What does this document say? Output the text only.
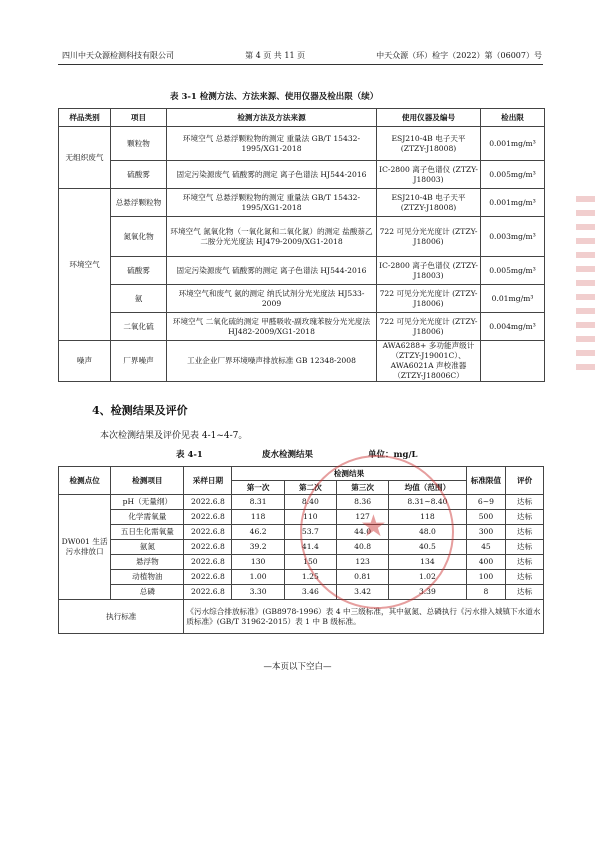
四川中天众源检测科技有限公司	第 4 页 共 11 页	中天众源（环）检字（2022）第（06007）号
表 3-1 检测方法、方法来源、使用仪器及检出限（续）
样品类别	项目	检测方法及方法来源	使用仪器及编号	检出限
无组织废气	颗粒物	环境空气 总悬浮颗粒物的测定 重量法 GB/T 15432-1995/XG1-2018	ESJ210-4B 电子天平 (ZTZY-J18008)	0.001mg/m³
	硫酸雾	固定污染源废气 硫酸雾的测定 离子色谱法 HJ544-2016	IC-2800 离子色谱仪 (ZTZY-J18003)	0.005mg/m³
环境空气	总悬浮颗粒物	环境空气 总悬浮颗粒物的测定 重量法 GB/T 15432-1995/XG1-2018	ESJ210-4B 电子天平 (ZTZY-J18008)	0.001mg/m³
	氮氧化物	环境空气 氮氧化物（一氧化氮和二氧化氮）的测定 盐酸萘乙二胺分光光度法 HJ479-2009/XG1-2018	722 可见分光光度计 (ZTZY-J18006)	0.003mg/m³
	硫酸雾	固定污染源废气 硫酸雾的测定 离子色谱法 HJ544-2016	IC-2800 离子色谱仪 (ZTZY-J18003)	0.005mg/m³
	氨	环境空气和废气 氨的测定 纳氏试剂分光光度法 HJ533-2009	722 可见分光光度计 (ZTZY-J18006)	0.01mg/m³
	二氧化硫	环境空气 二氧化硫的测定 甲醛吸收-副玫瑰苯胺分光光度法 HJ482-2009/XG1-2018	722 可见分光光度计 (ZTZY-J18006)	0.004mg/m³
噪声	厂界噪声	工业企业厂界环境噪声排放标准 GB 12348-2008	AWA6288+ 多功能声级计（ZTZY-J19001C）、AWA6021A 声校准器（ZTZY-J18006C）	
4、检测结果及评价
本次检测结果及评价见表 4-1~4-7。
表 4-1	废水检测结果	单位：mg/L
检测点位	检测项目	采样日期	检测结果				标准限值	评价
			第一次	第二次	第三次	均值（范围）		
DW001 生活污水排放口	pH（无量纲）	2022.6.8	8.31	8.40	8.36	8.31~8.40	6~9	达标
	化学需氧量	2022.6.8	118	110	127	118	500	达标
	五日生化需氧量	2022.6.8	46.2	53.7	44.0	48.0	300	达标
	氨氮	2022.6.8	39.2	41.4	40.8	40.5	45	达标
	悬浮物	2022.6.8	130	150	123	134	400	达标
	动植物油	2022.6.8	1.00	1.25	0.81	1.02	100	达标
	总磷	2022.6.8	3.30	3.46	3.42	3.39	8	达标
执行标准		《污水综合排放标准》(GB8978-1996）表 4 中三级标准，其中氨氮、总磷执行《污水排入城镇下水道水质标准》(GB/T 31962-2015）表 1 中 B 级标准。						
★
—本页以下空白—
